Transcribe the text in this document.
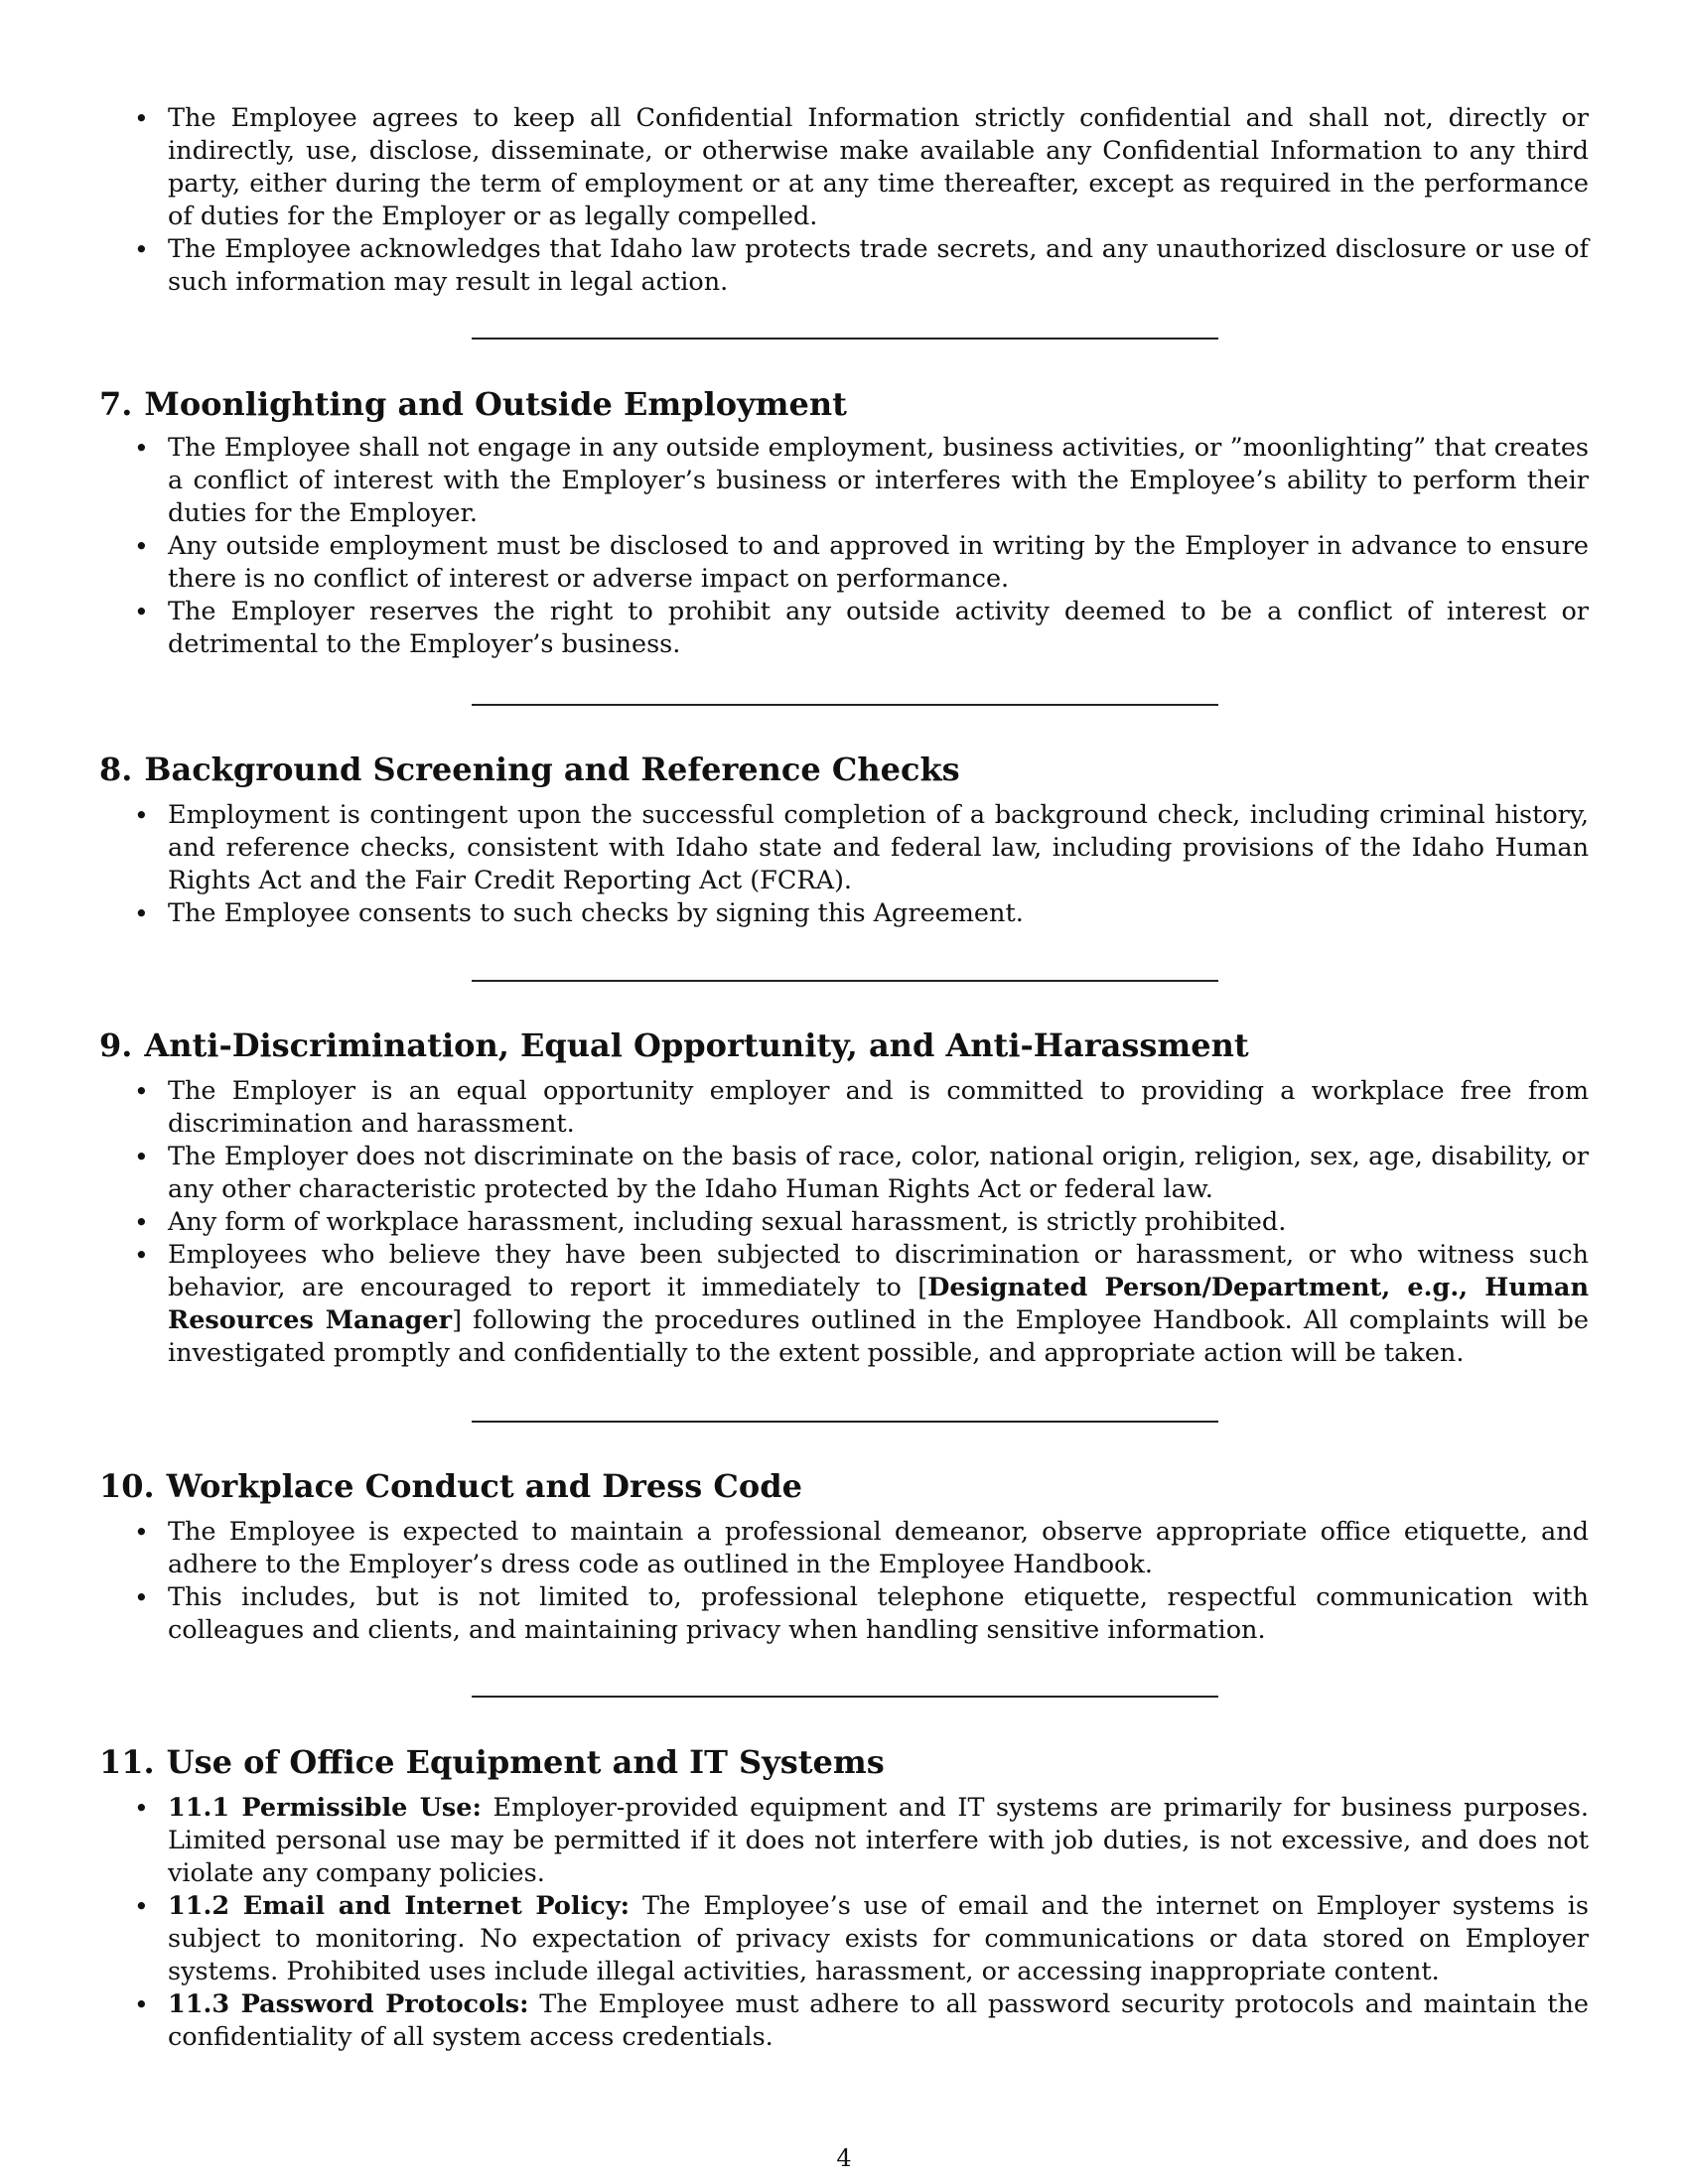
• The Employee agrees to keep all Confidential Information strictly confidential and shall not, directly or indirectly, use, disclose, disseminate, or otherwise make available any Confidential Information to any third party, either during the term of employment or at any time thereafter, except as required in the performance of duties for the Employer or as legally compelled.
• The Employee acknowledges that Idaho law protects trade secrets, and any unauthorized disclosure or use of such information may result in legal action.
7. Moonlighting and Outside Employment
• The Employee shall not engage in any outside employment, business activities, or ”moonlighting” that creates a conflict of interest with the Employer’s business or interferes with the Employee’s ability to perform their duties for the Employer.
• Any outside employment must be disclosed to and approved in writing by the Employer in advance to ensure there is no conflict of interest or adverse impact on performance.
• The Employer reserves the right to prohibit any outside activity deemed to be a conflict of interest or detrimental to the Employer’s business.
8. Background Screening and Reference Checks
• Employment is contingent upon the successful completion of a background check, including criminal history, and reference checks, consistent with Idaho state and federal law, including provisions of the Idaho Human Rights Act and the Fair Credit Reporting Act (FCRA).
• The Employee consents to such checks by signing this Agreement.
9. Anti-Discrimination, Equal Opportunity, and Anti-Harassment
• The Employer is an equal opportunity employer and is committed to providing a workplace free from discrimination and harassment.
• The Employer does not discriminate on the basis of race, color, national origin, religion, sex, age, disability, or any other characteristic protected by the Idaho Human Rights Act or federal law.
• Any form of workplace harassment, including sexual harassment, is strictly prohibited.
• Employees who believe they have been subjected to discrimination or harassment, or who witness such behavior, are encouraged to report it immediately to [Designated Person/Department, e.g., Human Resources Manager] following the procedures outlined in the Employee Handbook. All complaints will be investigated promptly and confidentially to the extent possible, and appropriate action will be taken.
10. Workplace Conduct and Dress Code
• The Employee is expected to maintain a professional demeanor, observe appropriate office etiquette, and adhere to the Employer’s dress code as outlined in the Employee Handbook.
• This includes, but is not limited to, professional telephone etiquette, respectful communication with colleagues and clients, and maintaining privacy when handling sensitive information.
11. Use of Office Equipment and IT Systems
• 11.1 Permissible Use: Employer-provided equipment and IT systems are primarily for business purposes. Limited personal use may be permitted if it does not interfere with job duties, is not excessive, and does not violate any company policies.
• 11.2 Email and Internet Policy: The Employee’s use of email and the internet on Employer systems is subject to monitoring. No expectation of privacy exists for communications or data stored on Employer systems. Prohibited uses include illegal activities, harassment, or accessing inappropriate content.
• 11.3 Password Protocols: The Employee must adhere to all password security protocols and maintain the confidentiality of all system access credentials.
4
